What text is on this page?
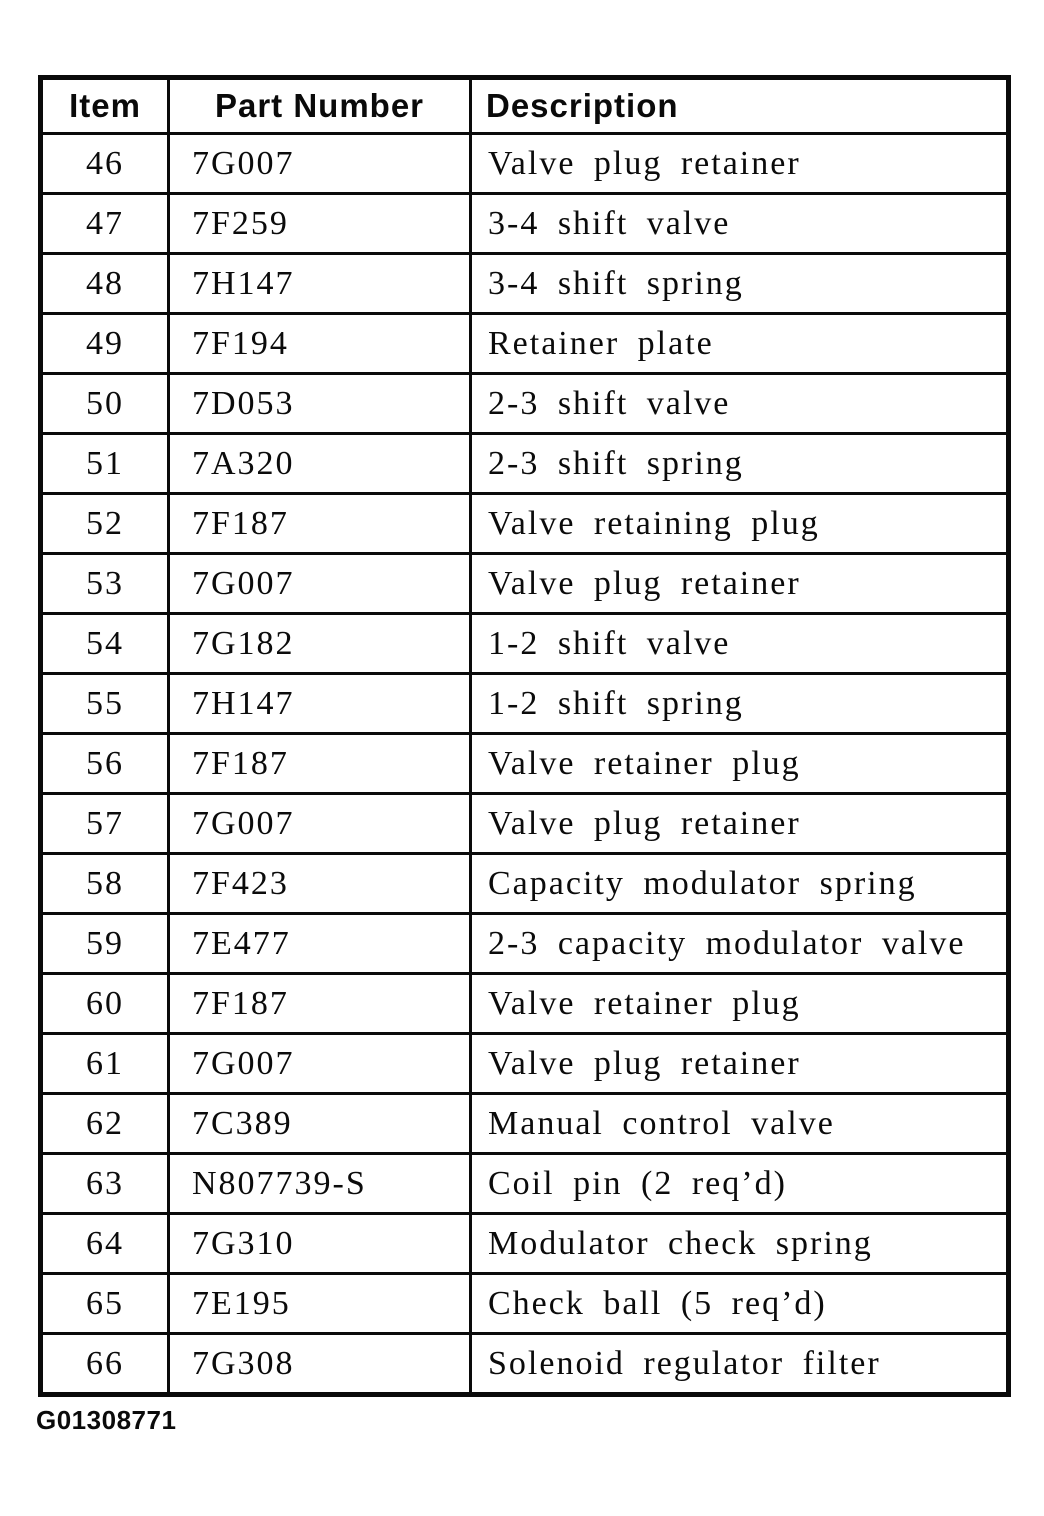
Item	Part Number	Description
46	7G007	Valve plug retainer
47	7F259	3-4 shift valve
48	7H147	3-4 shift spring
49	7F194	Retainer plate
50	7D053	2-3 shift valve
51	7A320	2-3 shift spring
52	7F187	Valve retaining plug
53	7G007	Valve plug retainer
54	7G182	1-2 shift valve
55	7H147	1-2 shift spring
56	7F187	Valve retainer plug
57	7G007	Valve plug retainer
58	7F423	Capacity modulator spring
59	7E477	2-3 capacity modulator valve
60	7F187	Valve retainer plug
61	7G007	Valve plug retainer
62	7C389	Manual control valve
63	N807739-S	Coil pin (2 req’d)
64	7G310	Modulator check spring
65	7E195	Check ball (5 req’d)
66	7G308	Solenoid regulator filter
G01308771
